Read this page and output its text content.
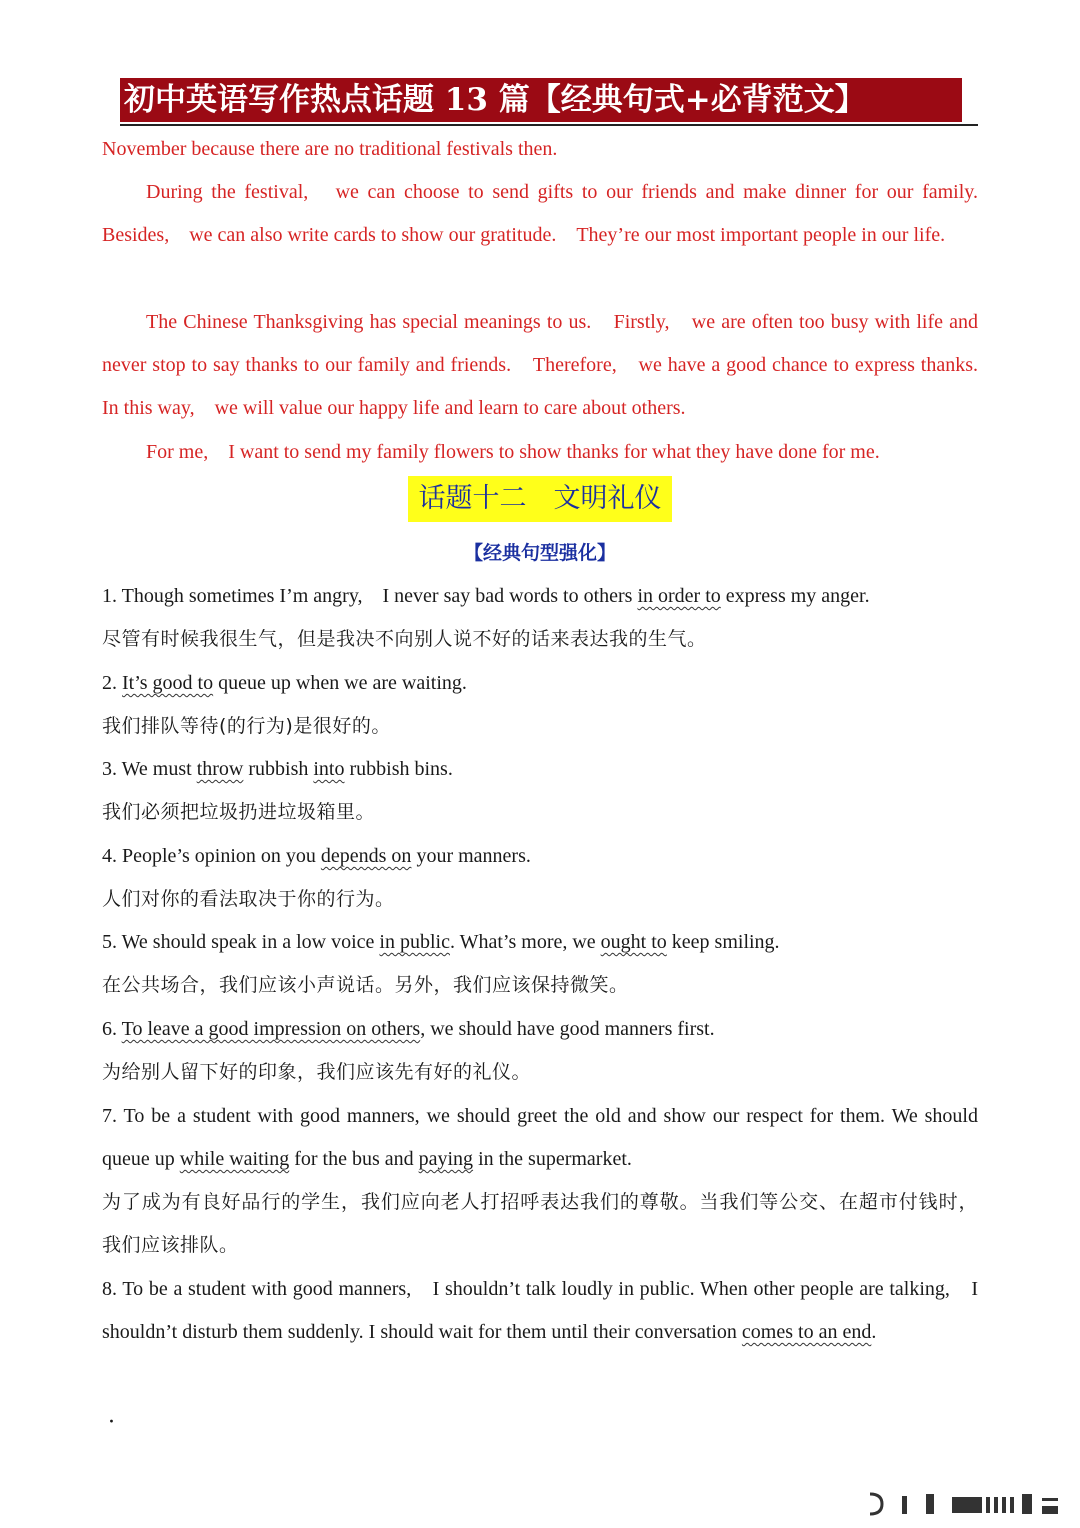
初中英语写作热点话题 13 篇【经典句式+必背范文】

November because there are no traditional festivals then.

During the festival,　we can choose to send gifts to our friends and make dinner for our family. Besides,　we can also write cards to show our gratitude.　They’re our most important people in our life.

The Chinese Thanksgiving has special meanings to us.　Firstly,　we are often too busy with life and never stop to say thanks to our family and friends.　Therefore,　we have a good chance to express thanks.　In this way,　we will value our happy life and learn to care about others.

For me,　I want to send my family flowers to show thanks for what they have done for me.

话题十二　文明礼仪
【经典句型强化】

1. Though sometimes I’m angry,　I never say bad words to others in order to express my anger.

尽管有时候我很生气，但是我决不向别人说不好的话来表达我的生气。

2. It’s good to queue up when we are waiting.

我们排队等待(的行为)是很好的。

3. We must throw rubbish into rubbish bins.

我们必须把垃圾扔进垃圾箱里。

4. People’s opinion on you depends on your manners.

人们对你的看法取决于你的行为。

5. We should speak in a low voice in public. What’s more, we ought to keep smiling.

在公共场合，我们应该小声说话。另外，我们应该保持微笑。

6. To leave a good impression on others, we should have good manners first.

为给别人留下好的印象，我们应该先有好的礼仪。

7. To be a student with good manners, we should greet the old and show our respect for them. We should queue up while waiting for the bus and paying in the supermarket.

为了成为有良好品行的学生，我们应向老人打招呼表达我们的尊敬。当我们等公交、在超市付钱时，我们应该排队。

8. To be a student with good manners,　I shouldn’t talk loudly in public. When other people are talking,　I shouldn’t disturb them suddenly. I should wait for them until their conversation comes to an end.

·
